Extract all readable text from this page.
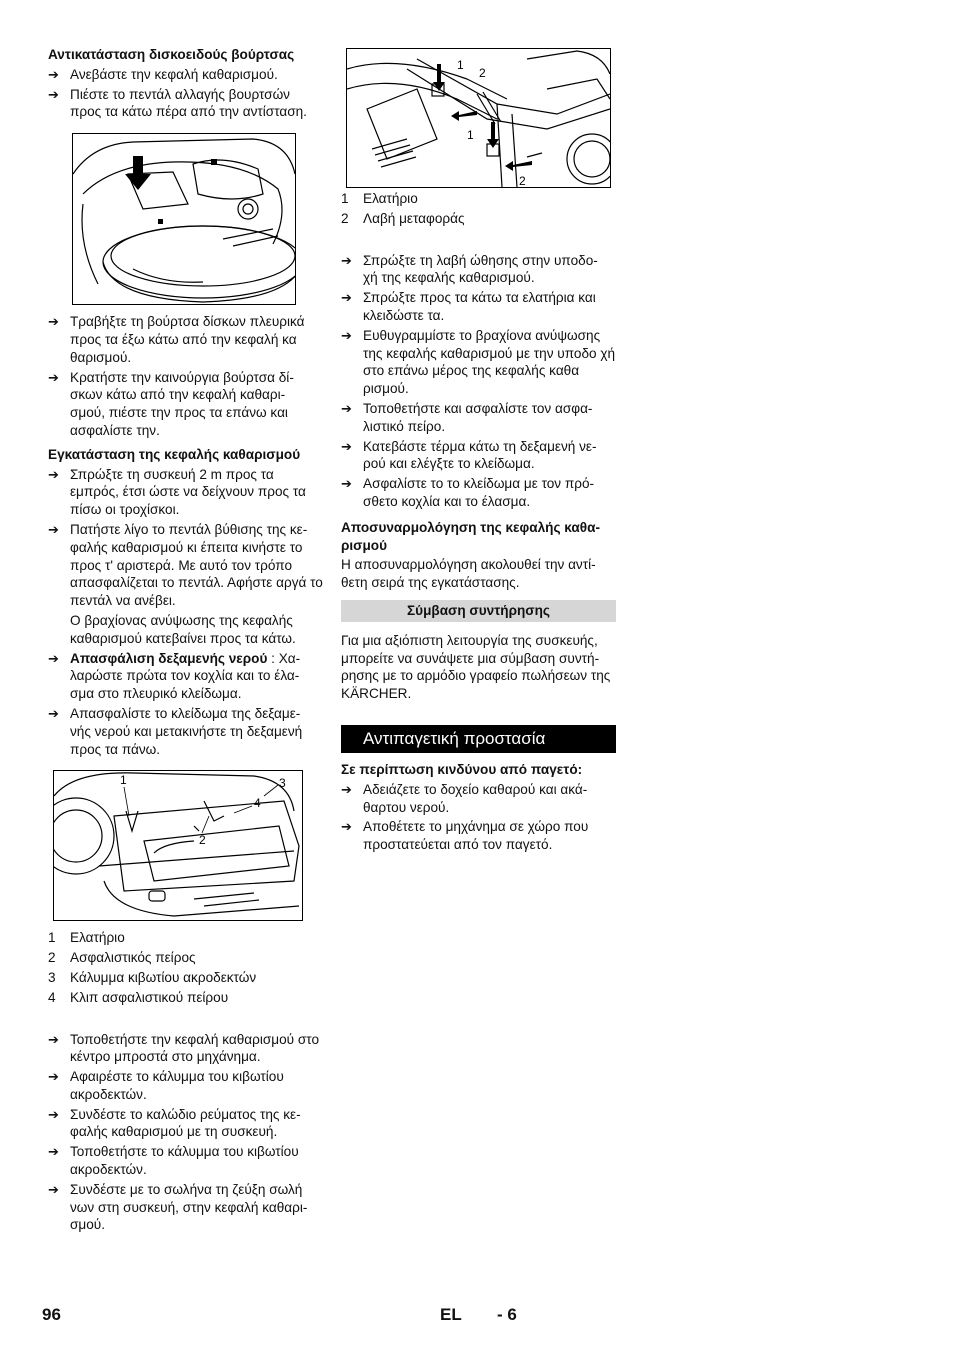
Αντικατάσταση δισκοειδούς βούρτσας
➔ Ανεβάστε την κεφαλή καθαρισμού.
➔ Πιέστε το πεντάλ αλλαγής βουρτσών προς τα κάτω πέρα από την αντίσταση.
➔ Τραβήξτε τη βούρτσα δίσκων πλευρικά προς τα έξω κάτω από την κεφαλή κα θαρισμού.
➔ Κρατήστε την καινούργια βούρτσα δί- σκων κάτω από την κεφαλή καθαρι- σμού, πιέστε την προς τα επάνω και ασφαλίστε την.
Εγκατάσταση της κεφαλής καθαρισμού
➔ Σπρώξτε τη συσκευή 2 m προς τα εμπρός, έτσι ώστε να δείχνουν προς τα πίσω οι τροχίσκοι.
➔ Πατήστε λίγο το πεντάλ βύθισης της κε- φαλής καθαρισμού κι έπειτα κινήστε το προς τ' αριστερά. Με αυτό τον τρόπο απασφαλίζεται το πεντάλ. Αφήστε αργά το πεντάλ να ανέβει.
Ο βραχίονας ανύψωσης της κεφαλής καθαρισμού κατεβαίνει προς τα κάτω.
➔ Απασφάλιση δεξαμενής νερού : Χα- λαρώστε πρώτα τον κοχλία και το έλα- σμα στο πλευρικό κλείδωμα.
➔ Απασφαλίστε το κλείδωμα της δεξαμε- νής νερού και μετακινήστε τη δεξαμενή προς τα πάνω.
1
2
3
4
1 Ελατήριο
2 Ασφαλιστικός πείρος
3 Κάλυμμα κιβωτίου ακροδεκτών
4 Κλιπ ασφαλιστικού πείρου
➔ Τοποθετήστε την κεφαλή καθαρισμού στο κέντρο μπροστά στο μηχάνημα.
➔ Αφαιρέστε το κάλυμμα του κιβωτίου ακροδεκτών.
➔ Συνδέστε το καλώδιο ρεύματος της κε- φαλής καθαρισμού με τη συσκευή.
➔ Τοποθετήστε το κάλυμμα του κιβωτίου ακροδεκτών.
➔ Συνδέστε με το σωλήνα τη ζεύξη σωλή νων στη συσκευή, στην κεφαλή καθαρι- σμού.
1
2
1
2
1 Ελατήριο
2 Λαβή μεταφοράς
➔ Σπρώξτε τη λαβή ώθησης στην υποδο- χή της κεφαλής καθαρισμού.
➔ Σπρώξτε προς τα κάτω τα ελατήρια και κλειδώστε τα.
➔ Ευθυγραμμίστε το βραχίονα ανύψωσης της κεφαλής καθαρισμού με την υποδο χή στο επάνω μέρος της κεφαλής καθα ρισμού.
➔ Τοποθετήστε και ασφαλίστε τον ασφα- λιστικό πείρο.
➔ Κατεβάστε τέρμα κάτω τη δεξαμενή νε- ρού και ελέγξτε το κλείδωμα.
➔ Ασφαλίστε το το κλείδωμα με τον πρό- σθετο κοχλία και το έλασμα.
Αποσυναρμολόγηση της κεφαλής καθα- ρισμού
Η αποσυναρμολόγηση ακολουθεί την αντί- θετη σειρά της εγκατάστασης.
Σύμβαση συντήρησης
Για μια αξιόπιστη λειτουργία της συσκευής, μπορείτε να συνάψετε μια σύμβαση συντή- ρησης με το αρμόδιο γραφείο πωλήσεων της KÄRCHER.
Αντιπαγετική προστασία
Σε περίπτωση κινδύνου από παγετό:
➔ Αδειάζετε το δοχείο καθαρού και ακά- θαρτου νερού.
➔ Αποθέτετε το μηχάνημα σε χώρο που προστατεύεται από τον παγετό.
96	EL - 6
